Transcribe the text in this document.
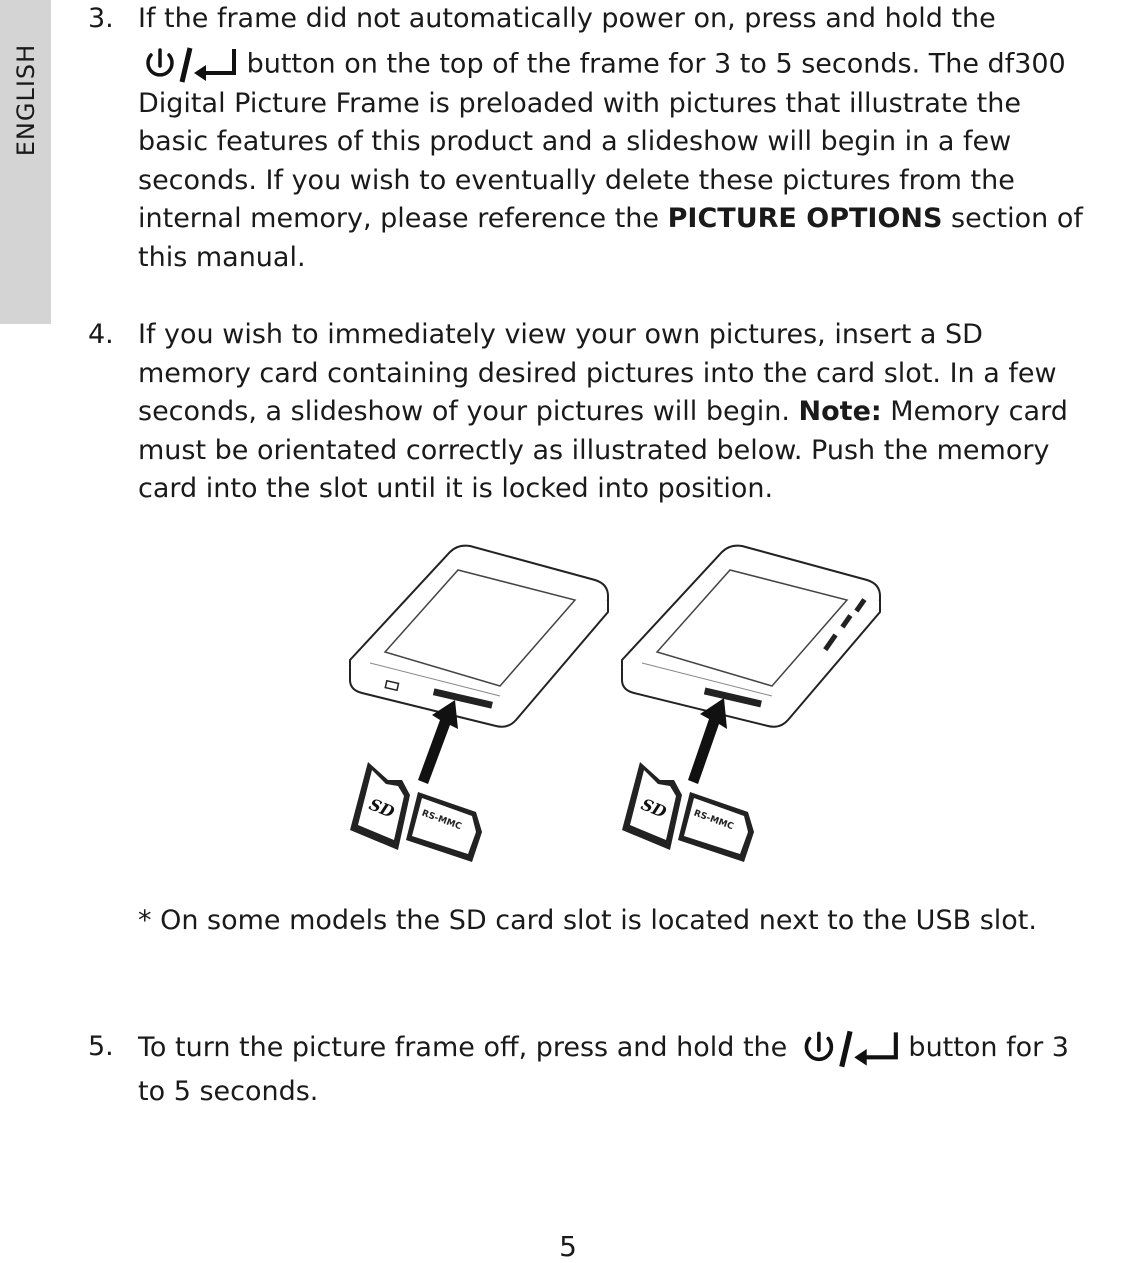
ENGLISH
3. If the frame did not automatically power on, press and hold the
button on the top of the frame for 3 to 5 seconds. The df300
Digital Picture Frame is preloaded with pictures that illustrate the
basic features of this product and a slideshow will begin in a few
seconds. If you wish to eventually delete these pictures from the
internal memory, please reference the PICTURE OPTIONS section of
this manual.
4. If you wish to immediately view your own pictures, insert a SD
memory card containing desired pictures into the card slot. In a few
seconds, a slideshow of your pictures will begin. Note: Memory card
must be orientated correctly as illustrated below. Push the memory
card into the slot until it is locked into position.
RS-MMC	RS-MMC
* On some models the SD card slot is located next to the USB slot.
5. To turn the picture frame off, press and hold the	button for 3
to 5 seconds.
5
